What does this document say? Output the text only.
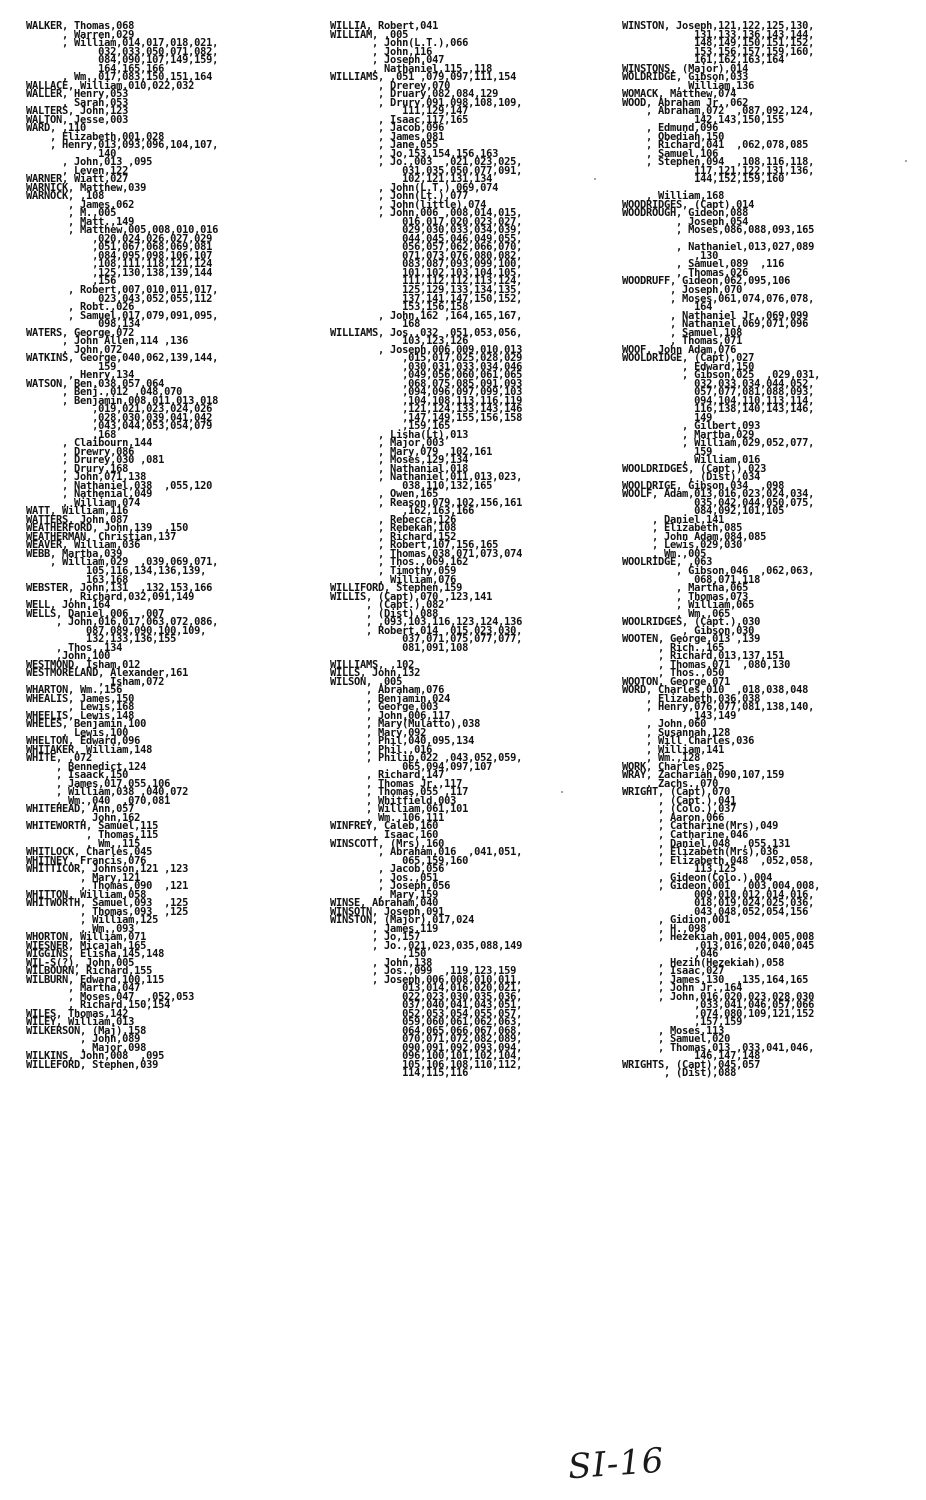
WALKER, Thomas,068
, Warren,029
, William,014,017,018,021,
032,033,050,071,082,
084,090,107,149,159,
164,165,166
, Wm.,017,083,150,151,164
WALLACE, William,010,022,032
WALLER, Henry,053
, Sarah,053
WALTERS, John,123
WALTON, Jesse,003
WARD, ,110
, Elizabeth,001,028
, Henry,013,093,096,104,107,
140
, John,013 ,095
, Leven,122
WARNER, Wiatt,027
WARNICK, Matthew,039
WARNOCK, ,108
, James,062
, M.,005
, Matt.,149
, Matthew,005,008,010,016
,020,024,026,027,029
,051,067,068,069,081
,084,095,098,106,107
,108,111,118,121,124
,125,130,138,139,144
,156
, Robert,007,010,011,017,
023,043,052,055,112
, Robt.,026
, Samuel,017,079,091,095,
098,134
WATERS, George,072
, John Allen,114 ,136
, John,072
WATKINS, George,040,062,139,144,
159
, Henry,134
WATSON, Ben,038,057,064
, Benj.,012 ,048,070
, Benjamin,008,011,013,018
,019,021,023,024,026
,028,030,039,041,042
,043,044,053,054,079
,168
, Claibourn,144
, Drewry,086
, Drurey,030 ,081
, Drury,168
, John,071,138
, Nathaniel,038  ,055,120
, Nathenial,049
, William,074
WATT, William,116
WATTERS, John,087
WEATHERFORD, John,139  ,150
WEATHERMAN, Christian,137
WEAVER, William,036
WEBB, Martha,039
, William,029  ,039,069,071,
105,116,134,136,139,
163,168
WEBSTER, John,131  ,132,153,166
, Richard,032,091,149
WELL, John,164
WELLS, Daniel,006  ,007
, John,016,017,063,072,086,
087,089,090,100,109,
132,133,136,155
, Thos.,134
,John,100
WESTMOND, Isham,012
WESTMORELAND, Alexander,161
, Isham,072
WHARTON, Wm.,156
WHEALIS, James,150
, Lewis,168
WHEELIS, Lewis,148
WHELES, Benjamin,100
, Lewis,100
WHELTON, Edward,096
WHITAKER, William,148
WHITE, ,072
, Bennedict,124
, Isaack,150
, James,017,055,106
, William,038 ,040,072
, Wm.,040  ,070,081
WHITEHEAD, Ann,057
, John,162
WHITEWORTH, Samuel,115
, Thomas,115
, Wm.,115
WHITLOCK, Charles,045
WHITNEY, Francis,076
WHITTICOR, Johnson,121 ,123
, Mary,121
, Thomas,090  ,121
WHITTON, William,058
WHITWORTH, Samuel,093  ,125
, Thomas,093  ,125
, William,125
, Wm.,093
WHORTON, William,071
WIESNER, Micajah,165
WIGGINS, Elisha,145,148
WIL-S(?), John,005
WILBOURN, Richard,155
WILBURN, Edward,100,115
, Martha,047
, Moses,047  ,052,053
, Richard,150,154
WILES, Thomas,142
WILEY, William,013
WILKERSON, (Maj),158
, John,089
, Major,098
WILKINS, John,008  ,095
WILLEFORD, Stephen,039
WILLIA, Robert,041
WILLIAM, ,005
, John(L.T.),066
, John,116
, Joseph,047
, Nathaniel,115 ,118
WILLIAMS, ,051 ,079,097,111,154
, Drerey,070
, Druary,082,084,129
, Drury,091,098,108,109,
111,129,147
, Isaac,117,165
, Jacob,096
, James,081
, Jane,055
, Jo,153,154,156,163
, Jo.,003  ,021,023,025,
031,035,050,077,091,
102,121,131,134
, John(L.T.),069,074
, John(Lt.),077
, John(little),074
, John,006 ,008,014,015,
016,017,020,023,027,
029,030,033,034,039,
044,045,046,049,055,
056,057,062,066,070,
071,073,076,080,082,
083,087,093,099,100,
101,102,103,104,105,
111,112,112,113,124,
125,129,133,134,135,
137,141,147,150,152,
153,156,158
, John,162 ,164,165,167,
168
WILLIAMS, Jos.,032 ,051,053,056,
103,123,126
, Joseph,006,009,010,013
,015,017,025,028,029
,030,031,033,034,046
,049,056,060,061,065
,068,075,085,091,093
,094,096,097,099,103
,104,108,113,116,119
,121,124,133,143,146
,147,149,155,156,158
,159,165
, Lisha(Lt),013
, Major,003
, Mary,079 ,102,161
, Moses,129,134
, Nathanial,018
, Nathaniel,011,013,023,
038,110,132,165
, Owen,165
, Reason,079,102,156,161
,162,163,166
, Rebecca,126
, Rebekah,108
, Richard,152
, Robert,107,156,165
, Thomas,038,071,073,074
, Thos.,069,162
, Timothy,059
, William,076
WILLIFORD, Stephen,159
WILLIS, (Capt),070 ,123,141
, (Capt.),082
, (Dist),088
, ,093,103,116,123,124,136
, Robert,014 ,015,023,030,
037,071,075,077,077,
081,091,108
WILLIAMS, ,102
WILLS, John,132
WILSON, ,005
, Abraham,076
, Benjamin,024
, George,003
, John,006,117
, Mary(Mulatto),038
, Mary,092
, Phil,040,095,134
, Phil.,016
, Philip,022 ,043,052,059,
065,094,097,107
, Richard,147
, Thomas Jr.,117
, Thomas,055 ,117
, Whitfield,003
, William,061,101
, Wm.,106,111
WINFREY, Caleb,160
, Isaac,160
WINSCOTT, (Mrs),160
, Abraham,016  ,041,051,
065,159,160
, Jacob,056
, Jos.,051
, Joseph,056
, Mary,159
WINSE, Abraham,040
WINSOTN, Joseph,091
WINSTON, (Major),017,024
, James,119
, Jo,157
, Jo.,021,023,035,088,149
,150
, John,138
, Jos.,099  ,119,123,159
, Joseph,006,008,010,011,
013,014,016,020,021,
022,023,030,035,036,
037,040,041,043,051,
052,053,054,055,057,
059,060,061,062,063,
064,065,066,067,068,
070,071,072,082,089,
090,091,092,093,094,
096,100,101,102,104,
105,106,108,110,112,
114,115,116
WINSTON, Joseph,121,122,125,130,
131,133,136,143,144,
148,149,150,151,152,
153,156,157,159,160,
161,162,163,164
WINSTONS, (Major),014
WOLDRIDGE, Gibson,033
, William,136
WOMACK, Matthew,074
WOOD, Abraham Jr.,062
, Abraham,072  ,087,092,124,
142,143,150,155
, Edmund,096
, Obediah,150
, Richard,041  ,062,078,085
, Samuel,106
, Stephen,094  ,108,116,118,
117,121,122,131,136,
144,152,159,160
, William,168
WOODRIDGES, (Capt),014
WOODROUGH, Gideon,088
, Joseph,054
, Moses,086,088,093,165
, Nathaniel,013,027,089
,130
, Samuel,089  ,116
, Thomas,026
WOODRUFF, Gideon,062,095,106
, Joseph,070
, Moses,061,074,076,078,
164
, Nathaniel Jr.,069,099
, Nathaniel,069,071,096
, Samuel,108
, Thomas,071
WOOF, John Adam,076
WOOLDRIDGE, (Capt),027
, Edward,150
, Gibson,025  ,029,031,
032,033,034,044,052,
057,077,081,088,093,
094,104,110,113,114,
116,138,140,143,146,
149
, Gilbert,093
, Martha,029
, William,029,052,077,
159
, William,016
WOOLDRIDGES, (Capt.),023
, (Dist),034
WOOLDRIGE, Gibson,034  ,098
WOOLF, Adam,013,016,023,024,034,
035,042,044,050,075,
084,092,101,105
, Daniel,141
, Elizabeth,085
, John Adam,084,085
, Lewis,029,030
, Wm.,005
WOOLRIDGE, ,063
, Gibson,046  ,062,063,
068,071,118
, Martha,065
, Thomas,073
, William,065
, Wm.,065
WOOLRIDGES, (Capt.),030
, Gibson,030
WOOTEN, George,013 ,139
, Rich.,165
, Richard,013,137,151
, Thomas,071  ,080,130
, Thos.,050
WOOTON, George,071
WORD, Charles,010  ,018,038,048
, Elizabeth,036,038
, Henry,076,077,081,138,140,
143,149
, John,060
, Susannah,128
, Will Charles,036
, William,141
, Wm.,128
WORK, Charles,025
WRAY, Zachariah,090,107,159
, Zachs.,070
WRIGHT, (Capt),070
, (Capt.),041
, (Colo.),037
, Aaron,066
, Catharine(Mrs),049
, Catharine,046
, Daniel,048  ,055,131
, Elizabeth(Mrs),036
, Elizabeth,048  ,052,058,
113,125
, Gideon(Colo.),004
, Gideon,001  ,003,004,008,
009,010,012,014,016,
018,019,024,025,036,
043,048,052,054,156
, Gidion,001
, H.,098
, Hezekiah,001,004,005,008
,013,016,020,040,045
,046
, Hezih(Hezekiah),058
, Isaac,027
, James,130  ,135,164,165
, John Jr.,164
, John,016,020,023,028,030
,033,041,046,057,066
,074,080,109,121,152
,157,159
, Moses,113
, Samuel,020
, Thomas,013 ,033,041,046,
146,147,148
WRIGHTS, (Capt),045,057
, (Dist),088
SI-16
